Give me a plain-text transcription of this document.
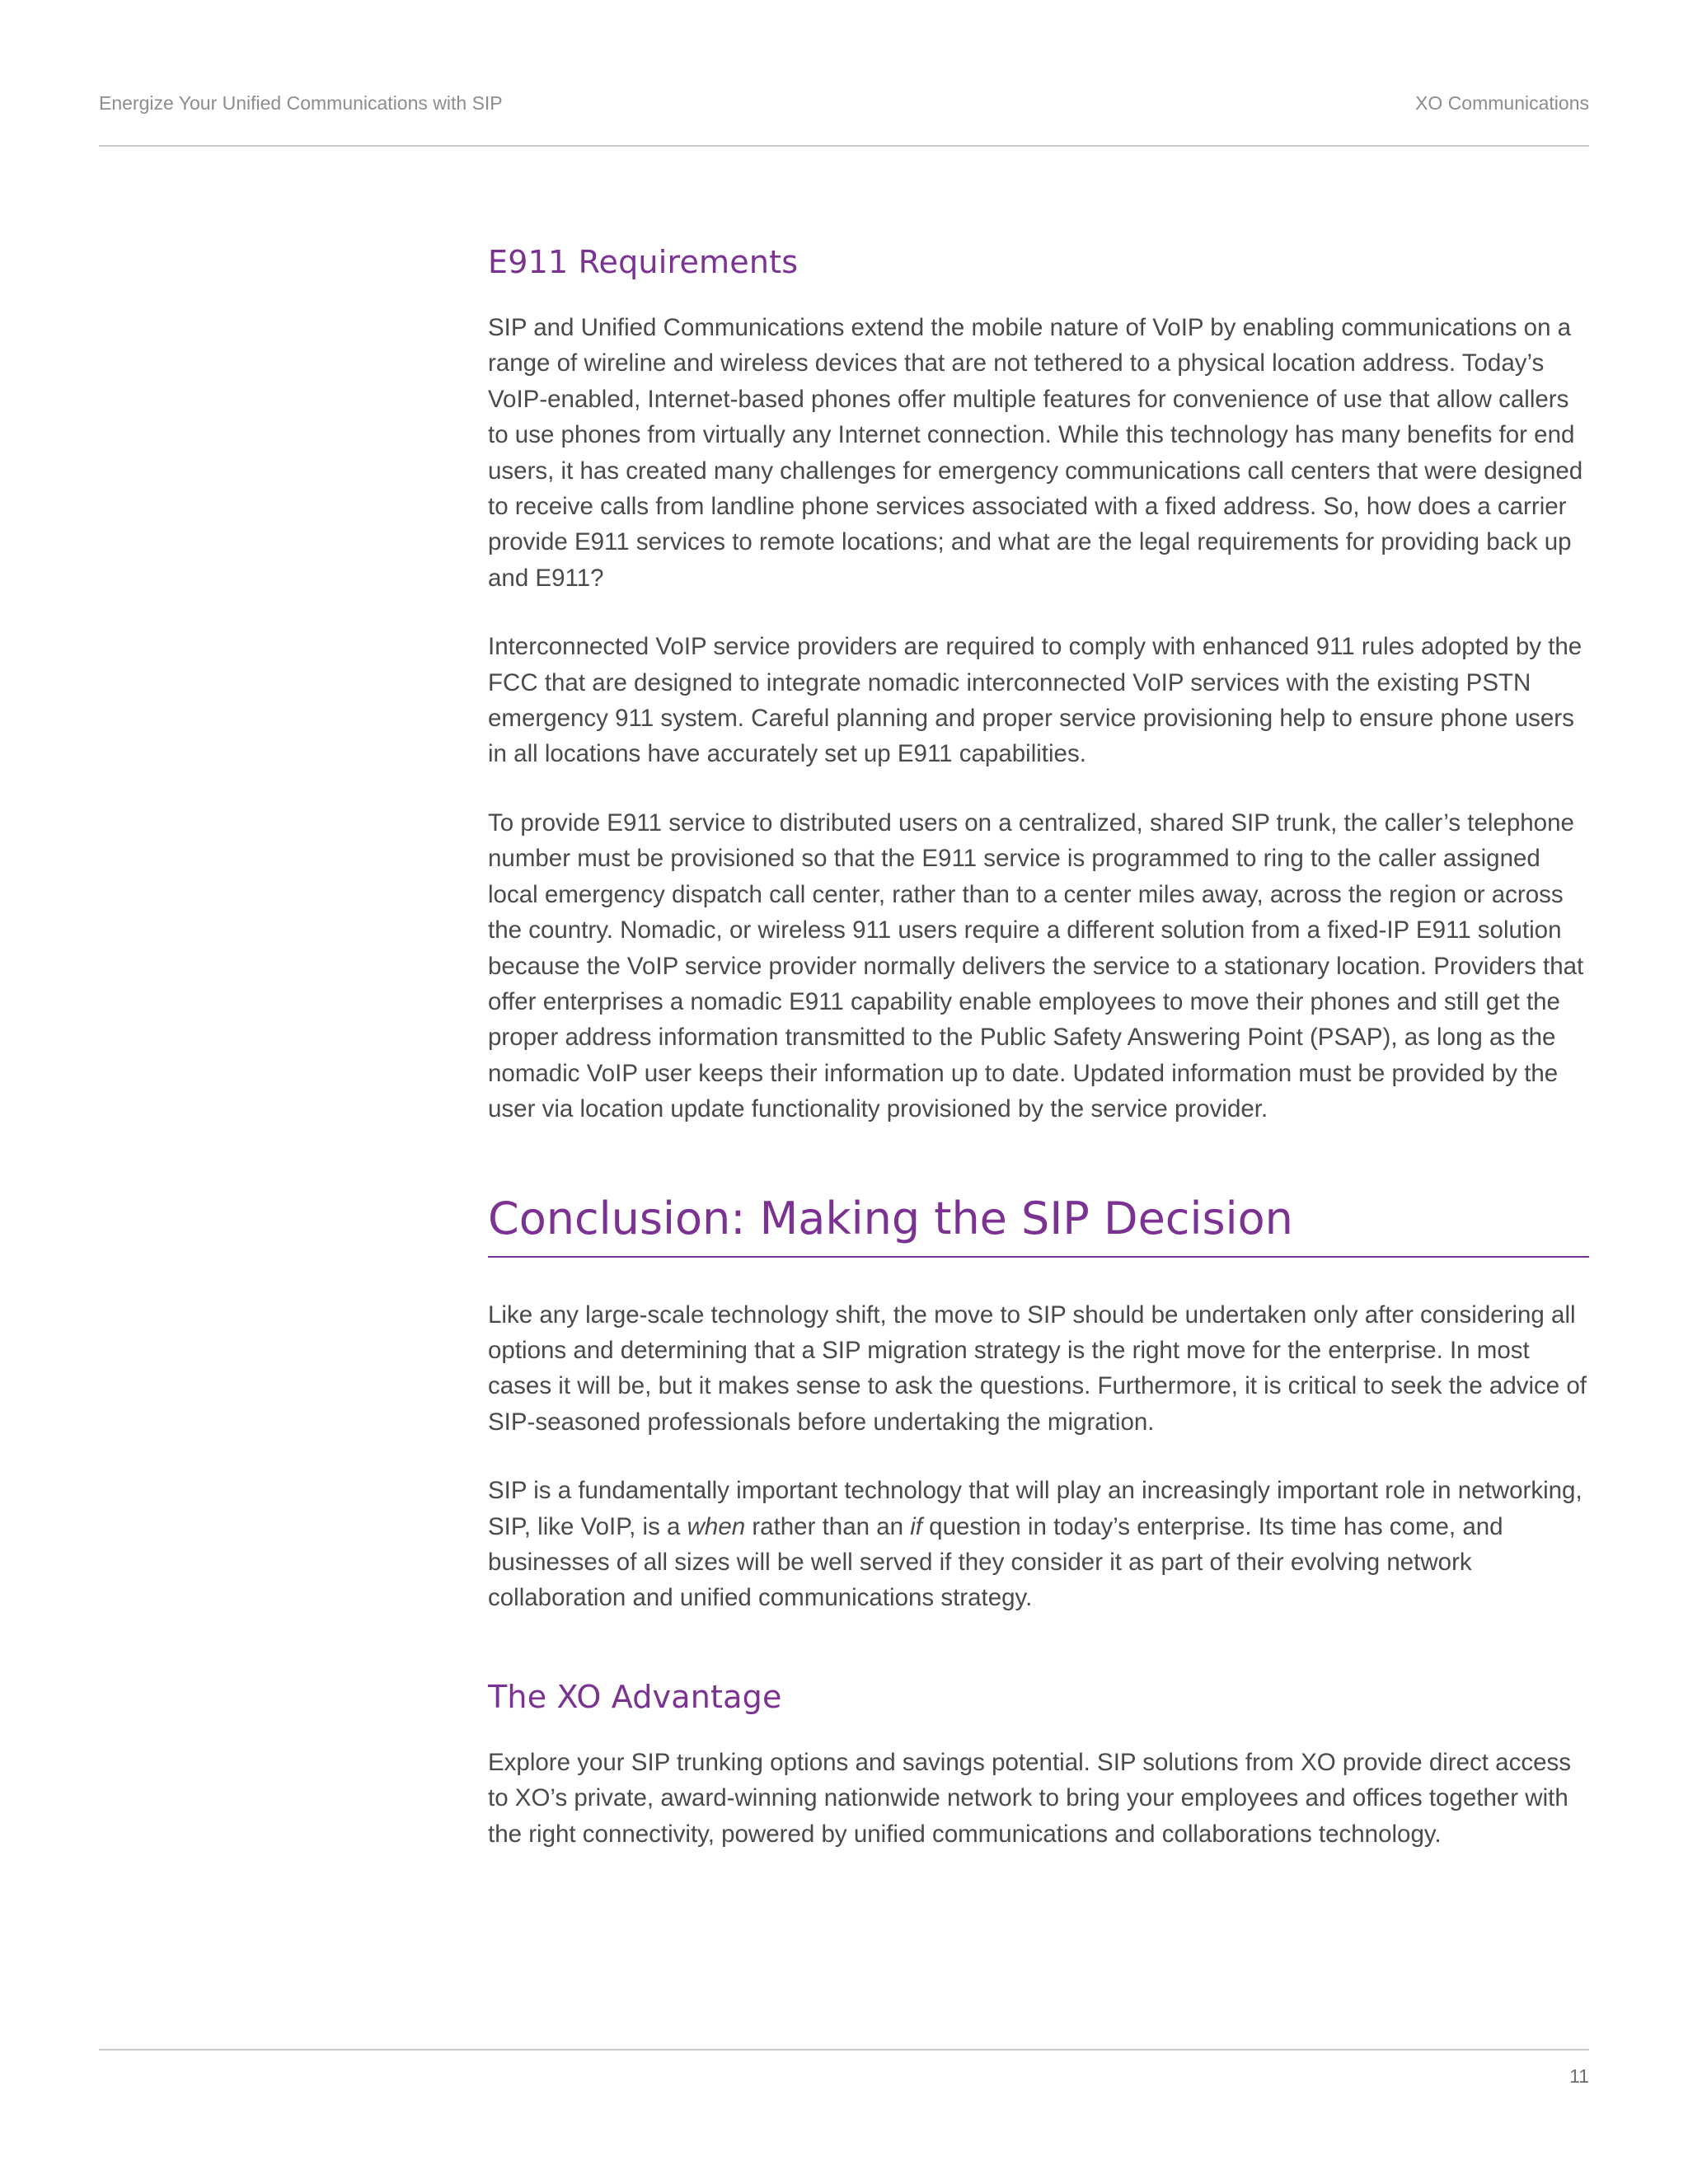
Energize Your Unified Communications with SIP	XO Communications
E911 Requirements

SIP and Unified Communications extend the mobile nature of VoIP by enabling communications on a range of wireline and wireless devices that are not tethered to a physical location address. Today’s VoIP-enabled, Internet-based phones offer multiple features for convenience of use that allow callers to use phones from virtually any Internet connection. While this technology has many benefits for end users, it has created many challenges for emergency communications call centers that were designed to receive calls from landline phone services associated with a fixed address. So, how does a carrier provide E911 services to remote locations; and what are the legal requirements for providing back up and E911?

Interconnected VoIP service providers are required to comply with enhanced 911 rules adopted by the FCC that are designed to integrate nomadic interconnected VoIP services with the existing PSTN emergency 911 system. Careful planning and proper service provisioning help to ensure phone users in all locations have accurately set up E911 capabilities.

To provide E911 service to distributed users on a centralized, shared SIP trunk, the caller’s telephone number must be provisioned so that the E911 service is programmed to ring to the caller assigned local emergency dispatch call center, rather than to a center miles away, across the region or across the country. Nomadic, or wireless 911 users require a different solution from a fixed-IP E911 solution because the VoIP service provider normally delivers the service to a stationary location. Providers that offer enterprises a nomadic E911 capability enable employees to move their phones and still get the proper address information transmitted to the Public Safety Answering Point (PSAP), as long as the nomadic VoIP user keeps their information up to date. Updated information must be provided by the user via location update functionality provisioned by the service provider.

Conclusion: Making the SIP Decision

Like any large-scale technology shift, the move to SIP should be undertaken only after considering all options and determining that a SIP migration strategy is the right move for the enterprise. In most cases it will be, but it makes sense to ask the questions. Furthermore, it is critical to seek the advice of SIP-seasoned professionals before undertaking the migration.

SIP is a fundamentally important technology that will play an increasingly important role in networking, SIP, like VoIP, is a when rather than an if question in today’s enterprise. Its time has come, and businesses of all sizes will be well served if they consider it as part of their evolving network collaboration and unified communications strategy.

The XO Advantage

Explore your SIP trunking options and savings potential. SIP solutions from XO provide direct access to XO’s private, award-winning nationwide network to bring your employees and offices together with the right connectivity, powered by unified communications and collaborations technology.

11
